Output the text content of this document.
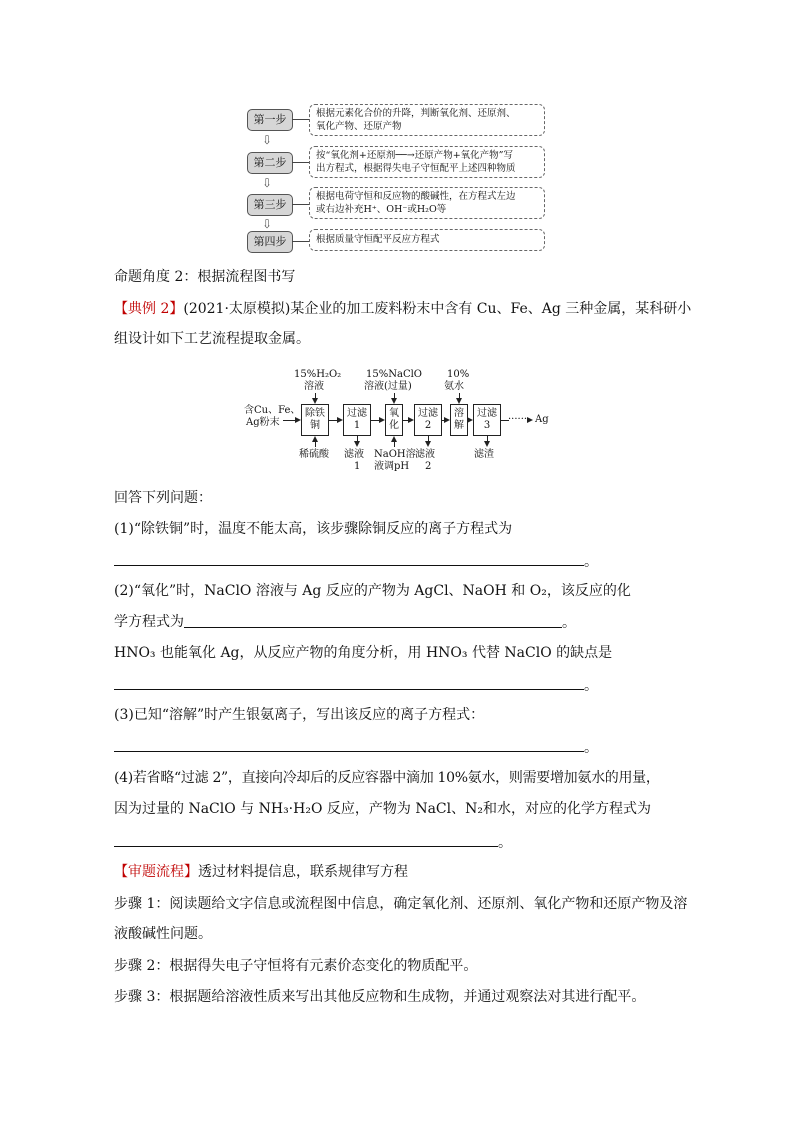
第一步	根据元素化合价的升降，判断氧化剂、还原剂、
氧化产物、还原产物
⇩
第二步
按“氧化剂+还原剂──→还原产物+氧化产物”写
出方程式，根据得失电子守恒配平上述四种物质
⇩
第三步
根据电荷守恒和反应物的酸碱性，在方程式左边
或右边补充H⁺、OH⁻或H₂O等
⇩
第四步	根据质量守恒配平反应方程式
命题角度 2：根据流程图书写
【典例 2】(2021·太原模拟)某企业的加工废料粉末中含有 Cu、Fe、Ag 三种金属，某科研小
组设计如下工艺流程提取金属。
含Cu、Fe、
Ag粉末
除铁
铜
过滤
1
氧
化
过滤
2
溶
解
过滤
3
······ Ag
15%H₂O₂
溶液
15%NaClO
溶液(过量)
10%
氨水
稀硫酸 滤液
1
NaOH溶
液调pH
滤液
2
滤渣
回答下列问题：
(1)“除铁铜”时，温度不能太高，该步骤除铜反应的离子方程式为
。
(2)“氧化”时，NaClO 溶液与 Ag 反应的产物为 AgCl、NaOH 和 O₂，该反应的化
学方程式为	。
HNO₃ 也能氧化 Ag，从反应产物的角度分析，用 HNO₃ 代替 NaClO 的缺点是
。
(3)已知“溶解”时产生银氨离子，写出该反应的离子方程式：
。
(4)若省略“过滤 2”，直接向冷却后的反应容器中滴加 10%氨水，则需要增加氨水的用量，
因为过量的 NaClO 与 NH₃·H₂O 反应，产物为 NaCl、N₂和水，对应的化学方程式为
。
【审题流程】透过材料提信息，联系规律写方程
步骤 1：阅读题给文字信息或流程图中信息，确定氧化剂、还原剂、氧化产物和还原产物及溶
液酸碱性问题。
步骤 2：根据得失电子守恒将有元素价态变化的物质配平。
步骤 3：根据题给溶液性质来写出其他反应物和生成物，并通过观察法对其进行配平。
